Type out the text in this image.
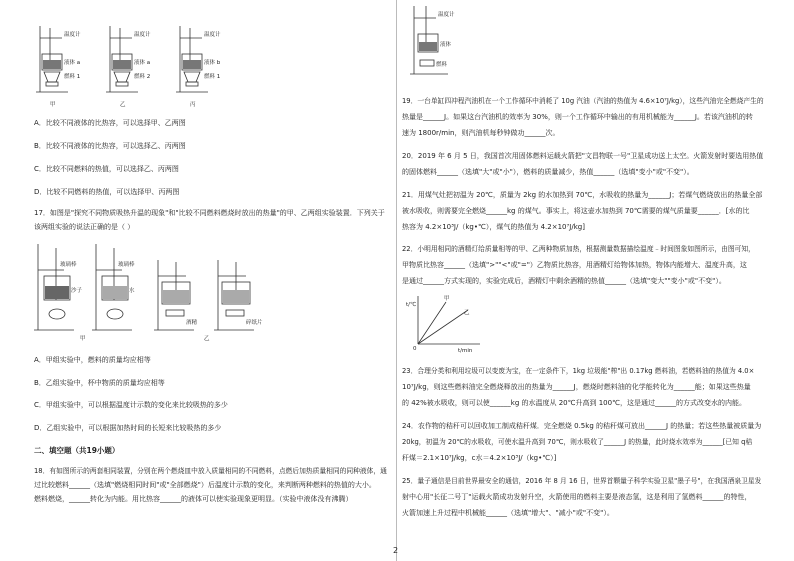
温度计
液体 a
燃料 1
温度计
液体 a
燃料 2
温度计
液体 b
燃料 1
甲	乙	丙
A．比较不同液体的比热容，可以选择甲、乙两图
B．比较不同液体的比热容，可以选择乙、丙两图
C．比较不同燃料的热值，可以选择乙、丙两图
D．比较不同燃料的热值，可以选择甲、丙两图
17．如图是"探究不同物质吸热升温的现象"和"比较不同燃料燃烧时放出的热量"的甲、乙两组实验装置．下列关于
该两组实验的说法正确的是（ ）
玻璃棒	玻璃棒
沙子	水
酒精	碎纸片
甲	乙
A．甲组实验中，燃料的质量均应相等
B．乙组实验中，杯中物质的质量均应相等
C．甲组实验中，可以根据温度计示数的变化来比较吸热的多少
D．乙组实验中，可以根据加热时间的长短来比较吸热的多少
二、填空题（共19小题）
18．有如图所示的两套相同装置，分别在两个燃烧皿中放入质量相同的不同燃料，点燃后加热质量相同的同种液体，通
过比较燃料______（选填"燃烧相同时间"或"全部燃烧"）后温度计示数的变化，来判断两种燃料的热值的大小。
燃料燃烧，______转化为内能。用比热容______的液体可以使实验现象更明显。（实验中液体没有沸腾）
温度计
液体
燃料
19．一台单缸四冲程汽油机在一个工作循环中消耗了 10g 汽油（汽油的热值为 4.6×10⁷J/kg），这些汽油完全燃烧产生的
热量是______J。如果这台汽油机的效率为 30%，则一个工作循环中输出的有用机械能为______J。若该汽油机的转
速为 1800r/min，则汽油机每秒钟做功______次。
20．2019 年 6 月 5 日，我国首次用固体燃料运载火箭把"文昌物联一号"卫星成功送上太空。火箭发射时要选用热值
的固体燃料______（选填"大"或"小"），燃料的质量减少，热值______（选填"变小"或"不变"）。
21．用煤气灶把初温为 20℃，质量为 2kg 的水加热到 70℃，水吸收的热量为______J；若煤气燃烧放出的热量全部
被水吸收，则需要完全燃烧______kg 的煤气。事实上，将这壶水加热到 70℃需要的煤气质量要______．[水的比
热容为 4.2×10³J/（kg•℃），煤气的热值为 4.2×10⁷J/kg]
22．小明用相同的酒精灯给质量相等的甲、乙两种物质加热，根据测量数据描绘温度﹣时间图象如图所示，由图可知，
甲物质比热容______（选填">""<"或"="）乙物质比热容，用酒精灯给物体加热，物体内能增大、温度升高，这
是通过______方式实现的，实验完成后，酒精灯中剩余酒精的热值______（选填"变大""变小"或"不变"）。
t/℃
t/min
0
甲
乙
23．合理分类和利用垃圾可以变废为宝，在一定条件下，1kg 垃圾能"榨"出 0.17kg 燃料油，若燃料油的热值为 4.0×
10⁷J/kg，则这些燃料油完全燃烧释放出的热量为______J，燃烧时燃料油的化学能转化为______能；如果这些热量
的 42%被水吸收，则可以使______kg 的水温度从 20℃升高到 100℃，这是通过______的方式改变水的内能。
24．农作物的秸秆可以回收加工制成秸秆煤．完全燃烧 0.5kg 的秸秆煤可放出______J 的热量；若这些热量被质量为
20kg，初温为 20℃的水吸收，可使水温升高到 70℃，则水吸收了______J 的热量，此时烧水效率为______[已知 q秸
秆煤＝2.1×10⁷J/kg，c水＝4.2×10³J/（kg•℃）]
25．量子通信是目前世界最安全的通信，2016 年 8 月 16 日，世界首颗量子科学实验卫星"墨子号"，在我国酒泉卫星发
射中心用"长征二号丁"运载火箭成功发射升空，火箭使用的燃料主要是液态氢，这是利用了氢燃料______的特性，
火箭加速上升过程中机械能______（选填"增大"、"减小"或"不变"）。
2
